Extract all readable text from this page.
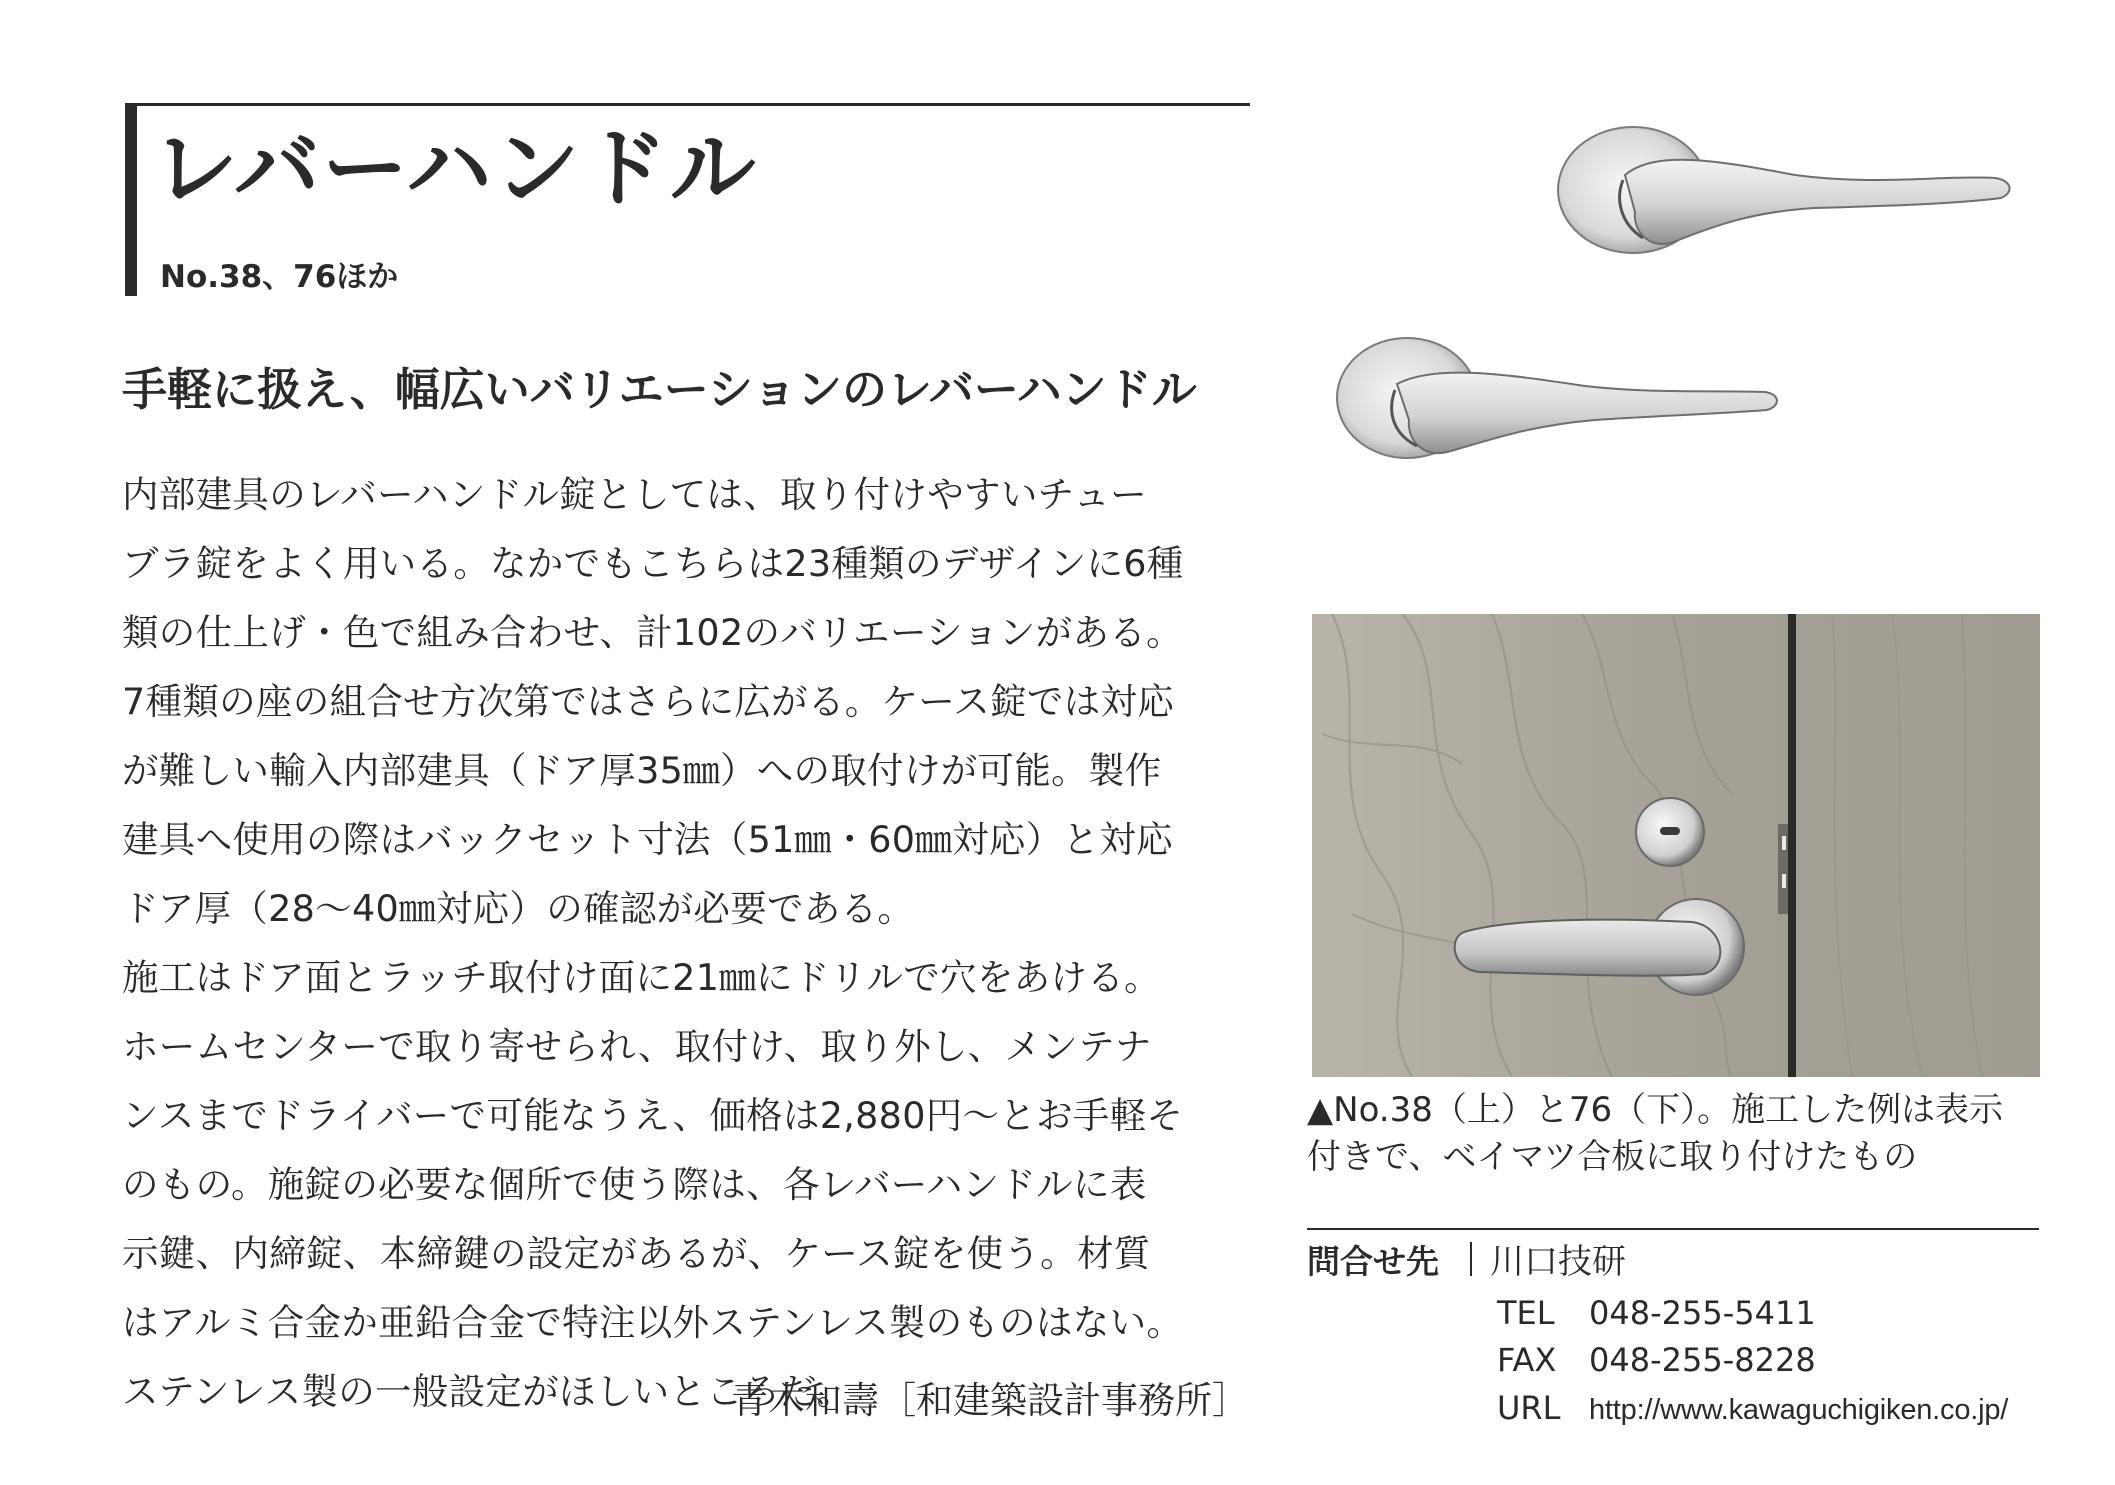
レバーハンドル
No.38、76ほか
手軽に扱え、幅広いバリエーションのレバーハンドル
内部建具のレバーハンドル錠としては、取り付けやすいチュー
ブラ錠をよく用いる。なかでもこちらは23種類のデザインに6種
類の仕上げ・色で組み合わせ、計102のバリエーションがある。
7種類の座の組合せ方次第ではさらに広がる。ケース錠では対応
が難しい輸入内部建具（ドア厚35㎜）への取付けが可能。製作
建具へ使用の際はバックセット寸法（51㎜・60㎜対応）と対応
ドア厚（28～40㎜対応）の確認が必要である。
施工はドア面とラッチ取付け面に21㎜にドリルで穴をあける。
ホームセンターで取り寄せられ、取付け、取り外し、メンテナ
ンスまでドライバーで可能なうえ、価格は2,880円～とお手軽そ
のもの。施錠の必要な個所で使う際は、各レバーハンドルに表
示鍵、内締錠、本締鍵の設定があるが、ケース錠を使う。材質
はアルミ合金か亜鉛合金で特注以外ステンレス製のものはない。
ステンレス製の一般設定がほしいところだ。
青木和壽［和建築設計事務所］
▲No.38（上）と76（下）。施工した例は表示
付きで、ベイマツ合板に取り付けたもの
問合せ先 川口技研
TEL 048-255-5411
FAX 048-255-8228
URL http://www.kawaguchigiken.co.jp/
